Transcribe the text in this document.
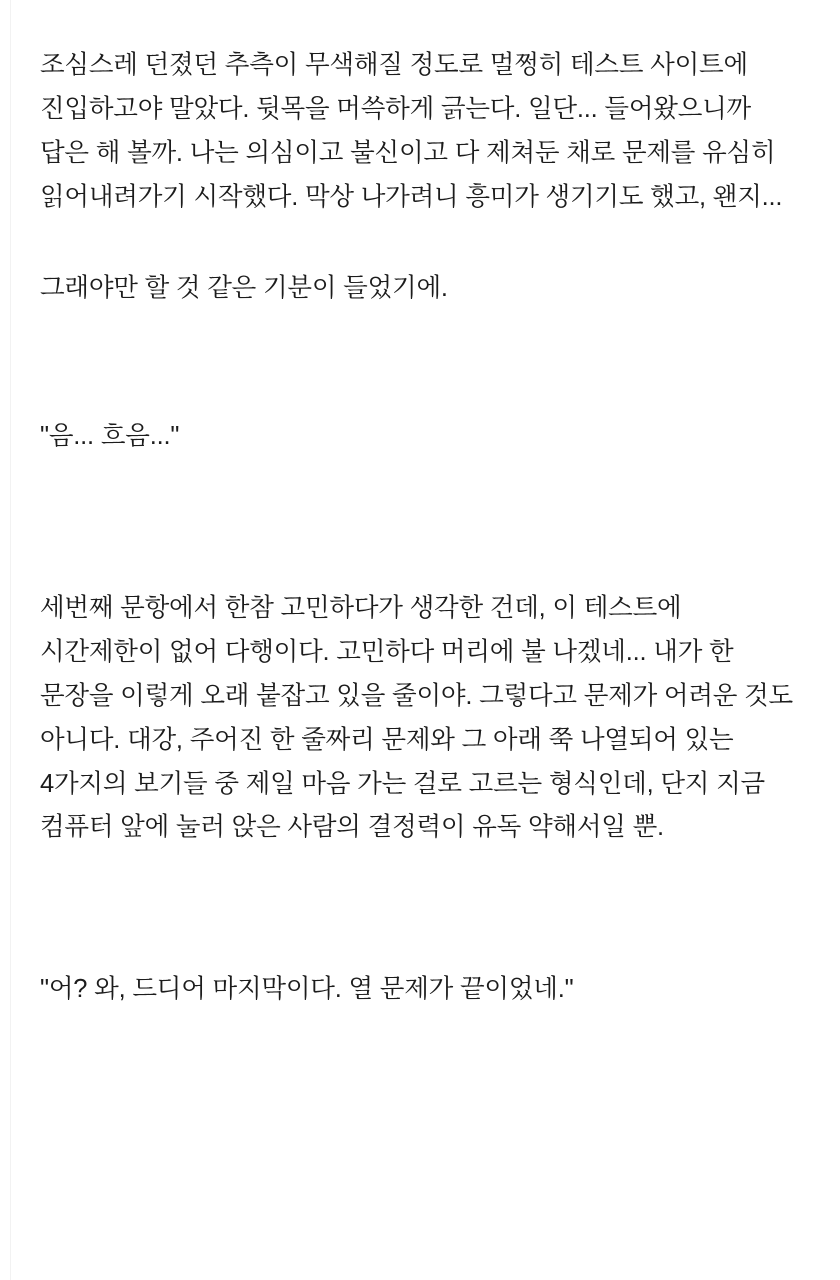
조심스레 던졌던 추측이 무색해질 정도로 멀쩡히 테스트 사이트에 진입하고야 말았다. 뒷목을 머쓱하게 긁는다. 일단... 들어왔으니까 답은 해 볼까. 나는 의심이고 불신이고 다 제쳐둔 채로 문제를 유심히 읽어내려가기 시작했다. 막상 나가려니 흥미가 생기기도 했고, 왠지...

그래야만 할 것 같은 기분이 들었기에.

"음... 흐음..."

세번째 문항에서 한참 고민하다가 생각한 건데, 이 테스트에 시간제한이 없어 다행이다. 고민하다 머리에 불 나겠네... 내가 한 문장을 이렇게 오래 붙잡고 있을 줄이야. 그렇다고 문제가 어려운 것도 아니다. 대강, 주어진 한 줄짜리 문제와 그 아래 쭉 나열되어 있는 4가지의 보기들 중 제일 마음 가는 걸로 고르는 형식인데, 단지 지금 컴퓨터 앞에 눌러 앉은 사람의 결정력이 유독 약해서일 뿐.

"어? 와, 드디어 마지막이다. 열 문제가 끝이었네."
